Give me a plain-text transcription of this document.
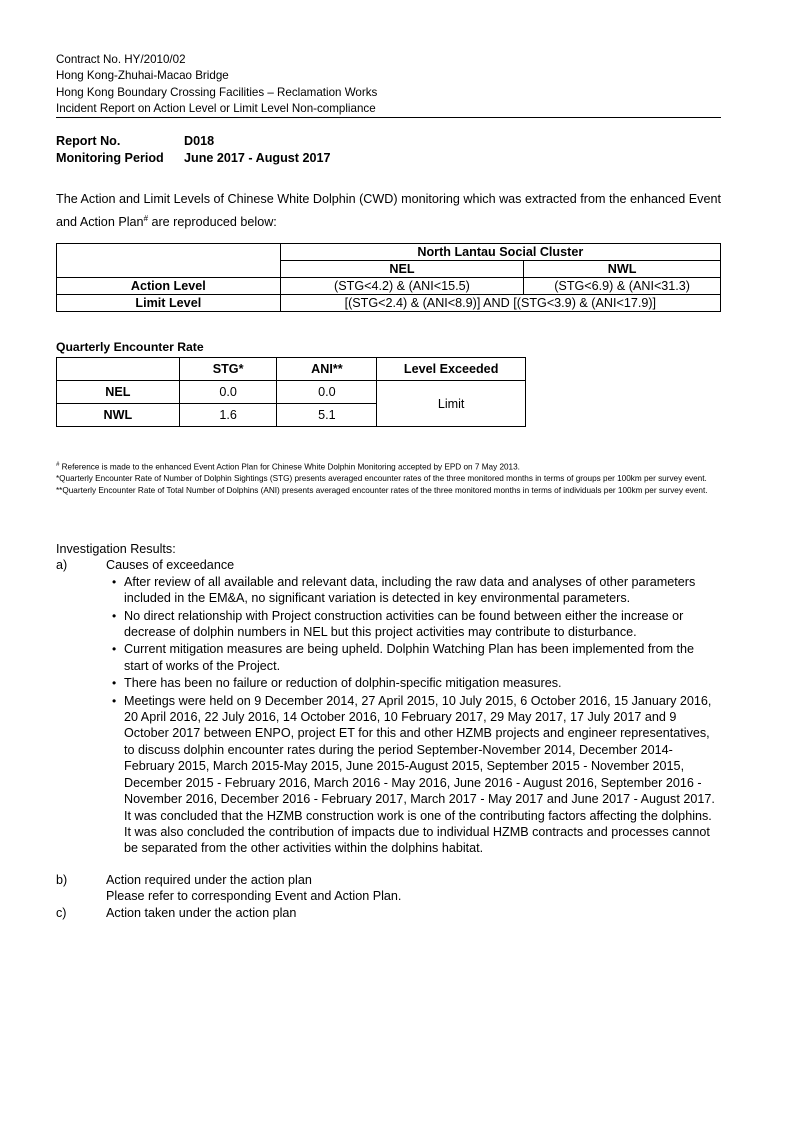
Contract No. HY/2010/02
Hong Kong-Zhuhai-Macao Bridge
Hong Kong Boundary Crossing Facilities – Reclamation Works
Incident Report on Action Level or Limit Level Non-compliance
Report No.	D018
Monitoring Period	June 2017 - August 2017
The Action and Limit Levels of Chinese White Dolphin (CWD) monitoring which was extracted from the enhanced Event and Action Plan# are reproduced below:
	North Lantau Social Cluster	
	NEL	NWL
Action Level	(STG<4.2) & (ANI<15.5)	(STG<6.9) & (ANI<31.3)
Limit Level	[(STG<2.4) & (ANI<8.9)] AND [(STG<3.9) & (ANI<17.9)]	
Quarterly Encounter Rate
	STG*	ANI**	Level Exceeded
NEL	0.0	0.0	Limit
NWL	1.6	5.1	
# Reference is made to the enhanced Event Action Plan for Chinese White Dolphin Monitoring accepted by EPD on 7 May 2013.
*Quarterly Encounter Rate of Number of Dolphin Sightings (STG) presents averaged encounter rates of the three monitored months in terms of groups per 100km per survey event.
**Quarterly Encounter Rate of Total Number of Dolphins (ANI) presents averaged encounter rates of the three monitored months in terms of individuals per 100km per survey event.
Investigation Results:
a)	Causes of exceedance
• After review of all available and relevant data, including the raw data and analyses of other parameters included in the EM&A, no significant variation is detected in key environmental parameters.
• No direct relationship with Project construction activities can be found between either the increase or decrease of dolphin numbers in NEL but this project activities may contribute to disturbance.
• Current mitigation measures are being upheld. Dolphin Watching Plan has been implemented from the start of works of the Project.
• There has been no failure or reduction of dolphin-specific mitigation measures.
• Meetings were held on 9 December 2014, 27 April 2015, 10 July 2015, 6 October 2016, 15 January 2016, 20 April 2016, 22 July 2016, 14 October 2016, 10 February 2017, 29 May 2017, 17 July 2017 and 9 October 2017 between ENPO, project ET for this and other HZMB projects and engineer representatives, to discuss dolphin encounter rates during the period September-November 2014, December 2014-February 2015, March 2015-May 2015, June 2015-August 2015, September 2015 - November 2015, December 2015 - February 2016, March 2016 - May 2016, June 2016 - August 2016, September 2016 - November 2016, December 2016 - February 2017, March 2017 - May 2017 and June 2017 - August 2017. It was concluded that the HZMB construction work is one of the contributing factors affecting the dolphins. It was also concluded the contribution of impacts due to individual HZMB contracts and processes cannot be separated from the other activities within the dolphins habitat.
b)	Action required under the action plan
Please refer to corresponding Event and Action Plan.
c)	Action taken under the action plan
